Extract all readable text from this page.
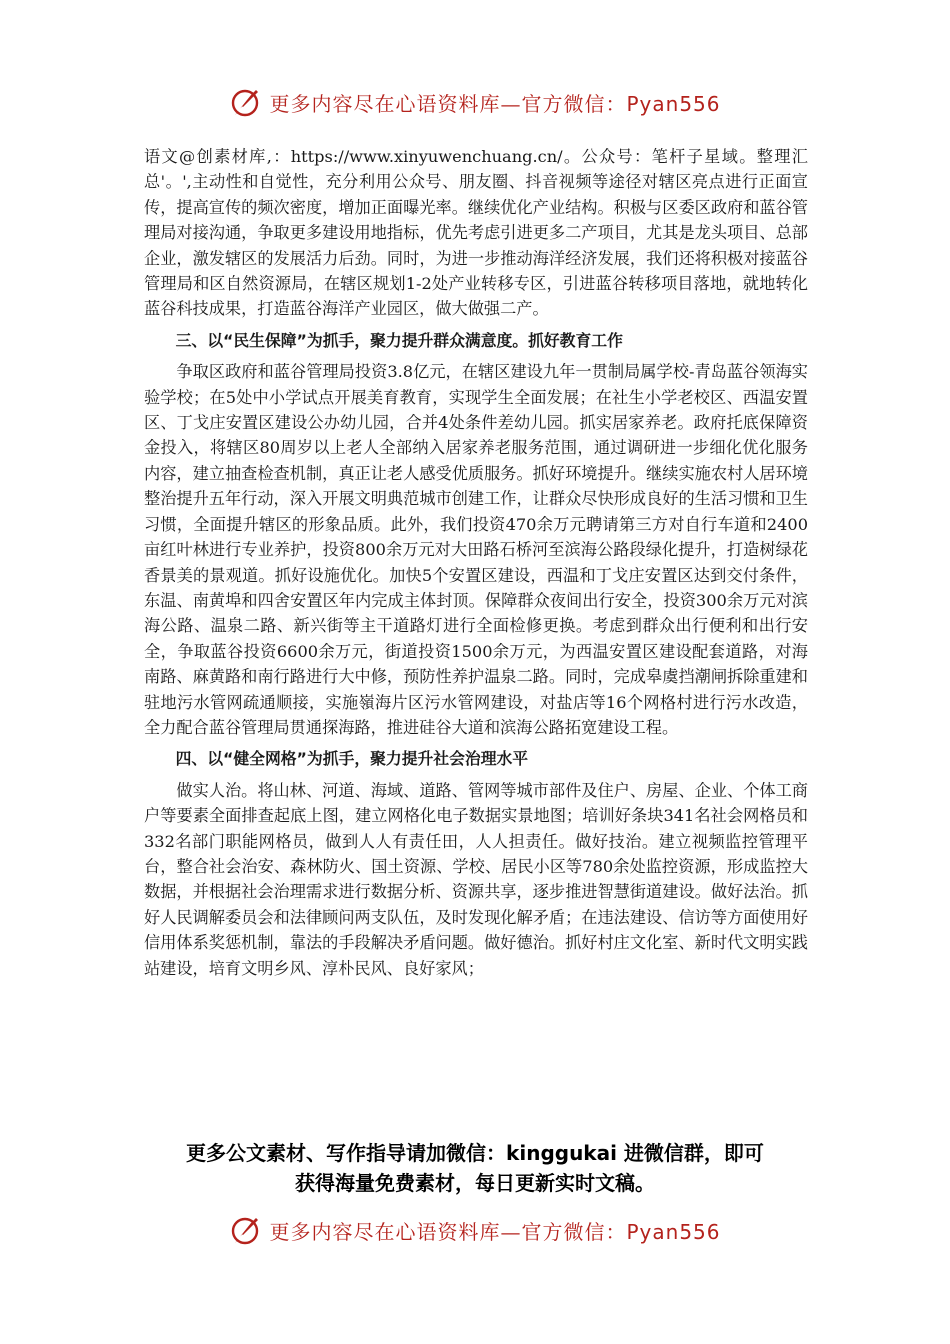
更多内容尽在心语资料库—官方微信：Pyan556

语文@创素材库,：https://www.xinyuwenchuang.cn/。公众号：笔杆子星域。整理汇总'。',主动性和自觉性，充分利用公众号、朋友圈、抖音视频等途径对辖区亮点进行正面宣传，提高宣传的频次密度，增加正面曝光率。继续优化产业结构。积极与区委区政府和蓝谷管理局对接沟通，争取更多建设用地指标，优先考虑引进更多二产项目，尤其是龙头项目、总部企业，激发辖区的发展活力后劲。同时，为进一步推动海洋经济发展，我们还将积极对接蓝谷管理局和区自然资源局，在辖区规划1-2处产业转移专区，引进蓝谷转移项目落地，就地转化蓝谷科技成果，打造蓝谷海洋产业园区，做大做强二产。

三、以“民生保障”为抓手，聚力提升群众满意度。抓好教育工作

争取区政府和蓝谷管理局投资3.8亿元，在辖区建设九年一贯制局属学校-青岛蓝谷领海实验学校；在5处中小学试点开展美育教育，实现学生全面发展；在社生小学老校区、西温安置区、丁戈庄安置区建设公办幼儿园，合并4处条件差幼儿园。抓实居家养老。政府托底保障资金投入，将辖区80周岁以上老人全部纳入居家养老服务范围，通过调研进一步细化优化服务内容，建立抽查检查机制，真正让老人感受优质服务。抓好环境提升。继续实施农村人居环境整治提升五年行动，深入开展文明典范城市创建工作，让群众尽快形成良好的生活习惯和卫生习惯，全面提升辖区的形象品质。此外，我们投资470余万元聘请第三方对自行车道和2400亩红叶林进行专业养护，投资800余万元对大田路石桥河至滨海公路段绿化提升，打造树绿花香景美的景观道。抓好设施优化。加快5个安置区建设，西温和丁戈庄安置区达到交付条件，东温、南黄埠和四舍安置区年内完成主体封顶。保障群众夜间出行安全，投资300余万元对滨海公路、温泉二路、新兴街等主干道路灯进行全面检修更换。考虑到群众出行便利和出行安全，争取蓝谷投资6600余万元，街道投资1500余万元，为西温安置区建设配套道路，对海南路、麻黄路和南行路进行大中修，预防性养护温泉二路。同时，完成皋虞挡潮闸拆除重建和驻地污水管网疏通顺接，实施嶺海片区污水管网建设，对盐店等16个网格村进行污水改造，全力配合蓝谷管理局贯通探海路，推进硅谷大道和滨海公路拓宽建设工程。

四、以“健全网格”为抓手，聚力提升社会治理水平

做实人治。将山林、河道、海域、道路、管网等城市部件及住户、房屋、企业、个体工商户等要素全面排查起底上图，建立网格化电子数据实景地图；培训好条块341名社会网格员和332名部门职能网格员，做到人人有责任田，人人担责任。做好技治。建立视频监控管理平台，整合社会治安、森林防火、国土资源、学校、居民小区等780余处监控资源，形成监控大数据，并根据社会治理需求进行数据分析、资源共享，逐步推进智慧街道建设。做好法治。抓好人民调解委员会和法律顾问两支队伍，及时发现化解矛盾；在违法建设、信访等方面使用好信用体系奖惩机制，靠法的手段解决矛盾问题。做好德治。抓好村庄文化室、新时代文明实践站建设，培育文明乡风、淳朴民风、良好家风；

更多公文素材、写作指导请加微信：kinggukai 进微信群，即可
获得海量免费素材，每日更新实时文稿。
更多内容尽在心语资料库—官方微信：Pyan556
